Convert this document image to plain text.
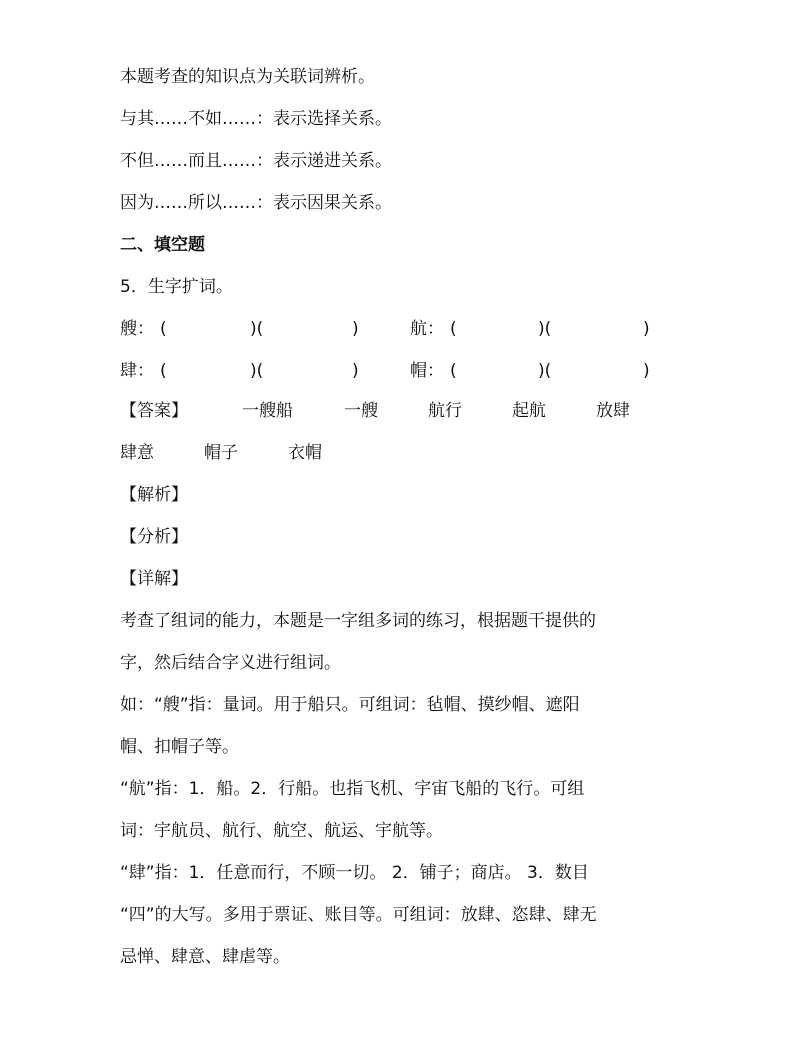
本题考查的知识点为关联词辨析。
与其……不如……：表示选择关系。
不但……而且……：表示递进关系。
因为……所以……：表示因果关系。
二、填空题
5．生字扩词。
艘： (	)(	)	航： (	)(	)
肆： (	)(	)	帽： (	)(	)
【答案】	一艘船	一艘	航行	起航	放肆
肆意	帽子	衣帽
【解析】
【分析】
【详解】
考查了组词的能力，本题是一字组多词的练习，根据题干提供的
字，然后结合字义进行组词。
如：“艘”指：量词。用于船只。可组词：毡帽、摸纱帽、遮阳
帽、扣帽子等。
“航”指：1．船。2．行船。也指飞机、宇宙飞船的飞行。可组
词：宇航员、航行、航空、航运、宇航等。
“肆”指：1．任意而行，不顾一切。 2．铺子；商店。 3．数目
“四”的大写。多用于票证、账目等。可组词：放肆、恣肆、肆无
忌惮、肆意、肆虐等。
